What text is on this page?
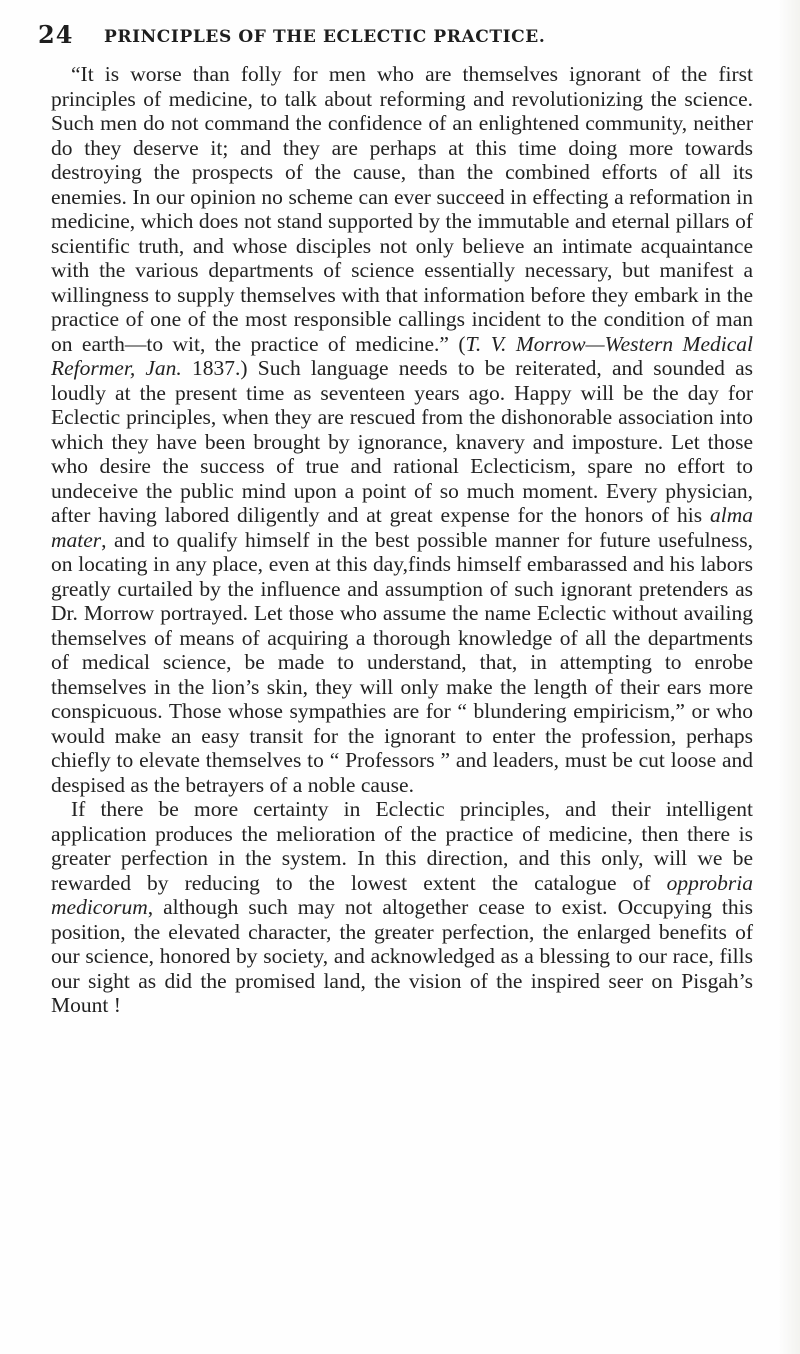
24 PRINCIPLES OF THE ECLECTIC PRACTICE.

“It is worse than folly for men who are themselves ignorant of the first principles of medicine, to talk about reforming and revolutionizing the science. Such men do not command the confidence of an enlightened community, neither do they deserve it; and they are perhaps at this time doing more towards destroying the prospects of the cause, than the combined efforts of all its enemies. In our opinion no scheme can ever succeed in effecting a reformation in medicine, which does not stand supported by the immutable and eternal pillars of scientific truth, and whose disciples not only believe an intimate acquaintance with the various departments of science essentially necessary, but manifest a willingness to supply themselves with that information before they embark in the practice of one of the most responsible callings incident to the condition of man on earth—to wit, the practice of medicine.” (T. V. Morrow—Western Medical Reformer, Jan. 1837.) Such language needs to be reiterated, and sounded as loudly at the present time as seventeen years ago. Happy will be the day for Eclectic principles, when they are rescued from the dishonorable association into which they have been brought by ignorance, knavery and imposture. Let those who desire the success of true and rational Eclecticism, spare no effort to undeceive the public mind upon a point of so much moment. Every physician, after having labored diligently and at great expense for the honors of his alma mater, and to qualify himself in the best possible manner for future usefulness, on locating in any place, even at this day,finds himself embarassed and his labors greatly curtailed by the influence and assumption of such ignorant pretenders as Dr. Morrow portrayed. Let those who assume the name Eclectic without availing themselves of means of acquiring a thorough knowledge of all the departments of medical science, be made to understand, that, in attempting to enrobe themselves in the lion’s skin, they will only make the length of their ears more conspicuous. Those whose sympathies are for “ blundering empiricism,” or who would make an easy transit for the ignorant to enter the profession, perhaps chiefly to elevate themselves to “ Professors ” and leaders, must be cut loose and despised as the betrayers of a noble cause.

If there be more certainty in Eclectic principles, and their intelligent application produces the melioration of the practice of medicine, then there is greater perfection in the system. In this direction, and this only, will we be rewarded by reducing to the lowest extent the catalogue of opprobria medicorum, although such may not altogether cease to exist. Occupying this position, the elevated character, the greater perfection, the enlarged benefits of our science, honored by society, and acknowledged as a blessing to our race, fills our sight as did the promised land, the vision of the inspired seer on Pisgah’s Mount !
